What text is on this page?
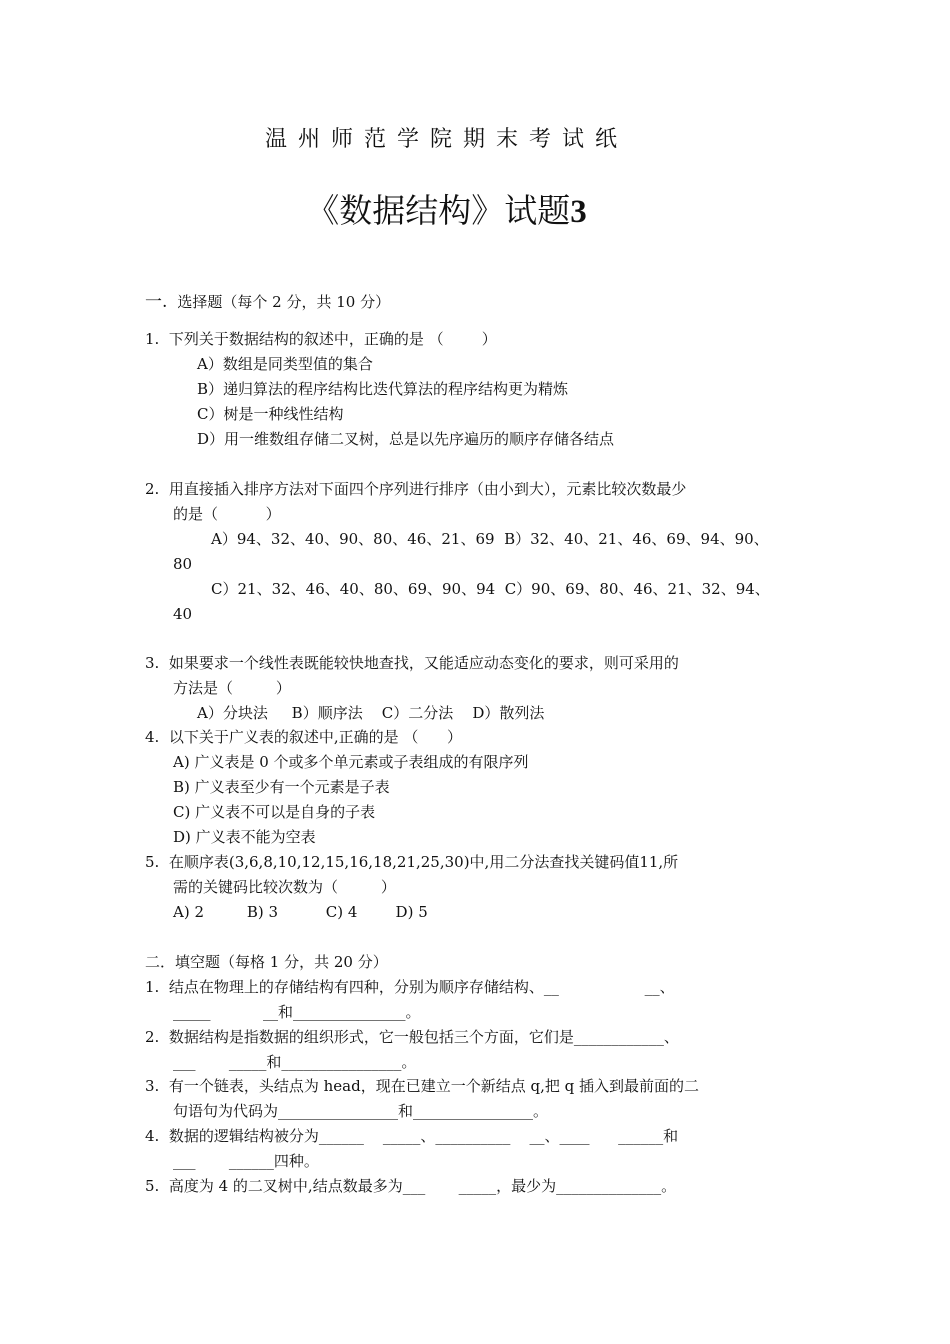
温州师范学院期末考试纸
《数据结构》试题3
一. 选择题（每个 2 分，共 10 分）
1.  下列关于数据结构的叙述中，正确的是 （        ）
A）数组是同类型值的集合
B）递归算法的程序结构比迭代算法的程序结构更为精炼
C）树是一种线性结构
D）用一维数组存储二叉树，总是以先序遍历的顺序存储各结点
2.  用直接插入排序方法对下面四个序列进行排序（由小到大），元素比较次数最少
的是（          ）
A）94、32、40、90、80、46、21、69  B）32、40、21、46、69、94、90、
80
C）21、32、46、40、80、69、90、94  C）90、69、80、46、21、32、94、
40
3.  如果要求一个线性表既能较快地查找，又能适应动态变化的要求，则可采用的
方法是（         ）
A）分块法     B）顺序法    C）二分法    D）散列法
4.  以下关于广义表的叙述中,正确的是 （      ）
A) 广义表是 0 个或多个单元素或子表组成的有限序列
B) 广义表至少有一个元素是子表
C) 广义表不可以是自身的子表
D) 广义表不能为空表
5.  在顺序表(3,6,8,10,12,15,16,18,21,25,30)中,用二分法查找关键码值11,所
需的关键码比较次数为（         ）
A) 2         B) 3          C) 4        D) 5
二．填空题（每格 1 分，共 20 分）
1.  结点在物理上的存储结构有四种，分别为顺序存储结构、__                  __、
_____           __和_______________。
2.  数据结构是指数据的组织形式，它一般包括三个方面，它们是____________、
___       _____和________________。
3.  有一个链表，头结点为 head，现在已建立一个新结点 q,把 q 插入到最前面的二
句语句为代码为________________和________________。
4.  数据的逻辑结构被分为______    _____、__________    __、____      ______和
___       ______四种。
5.  高度为 4 的二叉树中,结点数最多为___       _____，最少为______________。
